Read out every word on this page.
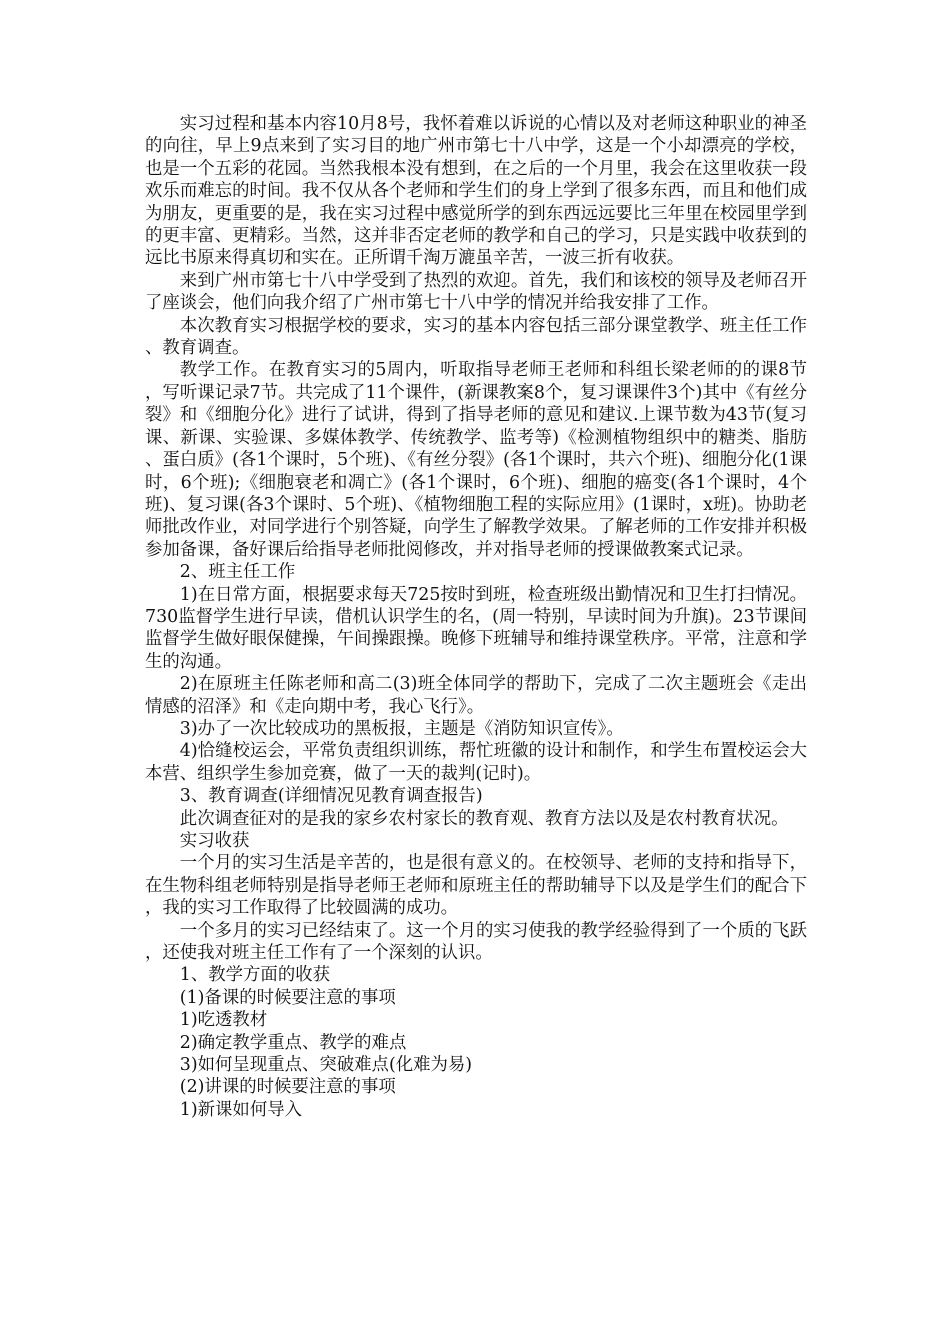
实习过程和基本内容10月8号，我怀着难以诉说的心情以及对老师这种职业的神圣的向往，早上9点来到了实习目的地广州市第七十八中学，这是一个小却漂亮的学校，也是一个五彩的花园。当然我根本没有想到，在之后的一个月里，我会在这里收获一段欢乐而难忘的时间。我不仅从各个老师和学生们的身上学到了很多东西，而且和他们成为朋友，更重要的是，我在实习过程中感觉所学的到东西远远要比三年里在校园里学到的更丰富、更精彩。当然，这并非否定老师的教学和自己的学习，只是实践中收获到的远比书原来得真切和实在。正所谓千淘万漉虽辛苦，一波三折有收获。

来到广州市第七十八中学受到了热烈的欢迎。首先，我们和该校的领导及老师召开了座谈会，他们向我介绍了广州市第七十八中学的情况并给我安排了工作。

本次教育实习根据学校的要求，实习的基本内容包括三部分课堂教学、班主任工作、教育调查。

教学工作。在教育实习的5周内，听取指导老师王老师和科组长梁老师的的课8节，写听课记录7节。共完成了11个课件，(新课教案8个，复习课课件3个)其中《有丝分裂》和《细胞分化》进行了试讲，得到了指导老师的意见和建议.上课节数为43节(复习课、新课、实验课、多媒体教学、传统教学、监考等)《检测植物组织中的糖类、脂肪、蛋白质》(各1个课时，5个班)、《有丝分裂》(各1个课时，共六个班)、细胞分化(1课时，6个班);《细胞衰老和凋亡》(各1个课时，6个班)、细胞的癌变(各1个课时，4个班)、复习课(各3个课时、5个班)、《植物细胞工程的实际应用》(1课时，x班)。协助老师批改作业，对同学进行个别答疑，向学生了解教学效果。了解老师的工作安排并积极参加备课，备好课后给指导老师批阅修改，并对指导老师的授课做教案式记录。

2、班主任工作

1)在日常方面，根据要求每天725按时到班，检查班级出勤情况和卫生打扫情况。730监督学生进行早读，借机认识学生的名，(周一特别，早读时间为升旗)。23节课间监督学生做好眼保健操，午间操跟操。晚修下班辅导和维持课堂秩序。平常，注意和学生的沟通。

2)在原班主任陈老师和高二(3)班全体同学的帮助下，完成了二次主题班会《走出情感的沼泽》和《走向期中考，我心飞行》。

3)办了一次比较成功的黑板报，主题是《消防知识宣传》。

4)恰缝校运会，平常负责组织训练，帮忙班徽的设计和制作，和学生布置校运会大本营、组织学生参加竞赛，做了一天的裁判(记时)。

3、教育调查(详细情况见教育调查报告)

此次调查征对的是我的家乡农村家长的教育观、教育方法以及是农村教育状况。

实习收获

一个月的实习生活是辛苦的，也是很有意义的。在校领导、老师的支持和指导下，在生物科组老师特别是指导老师王老师和原班主任的帮助辅导下以及是学生们的配合下，我的实习工作取得了比较圆满的成功。

一个多月的实习已经结束了。这一个月的实习使我的教学经验得到了一个质的飞跃，还使我对班主任工作有了一个深刻的认识。

1、教学方面的收获

(1)备课的时候要注意的事项

1)吃透教材

2)确定教学重点、教学的难点

3)如何呈现重点、突破难点(化难为易)

(2)讲课的时候要注意的事项

1)新课如何导入
